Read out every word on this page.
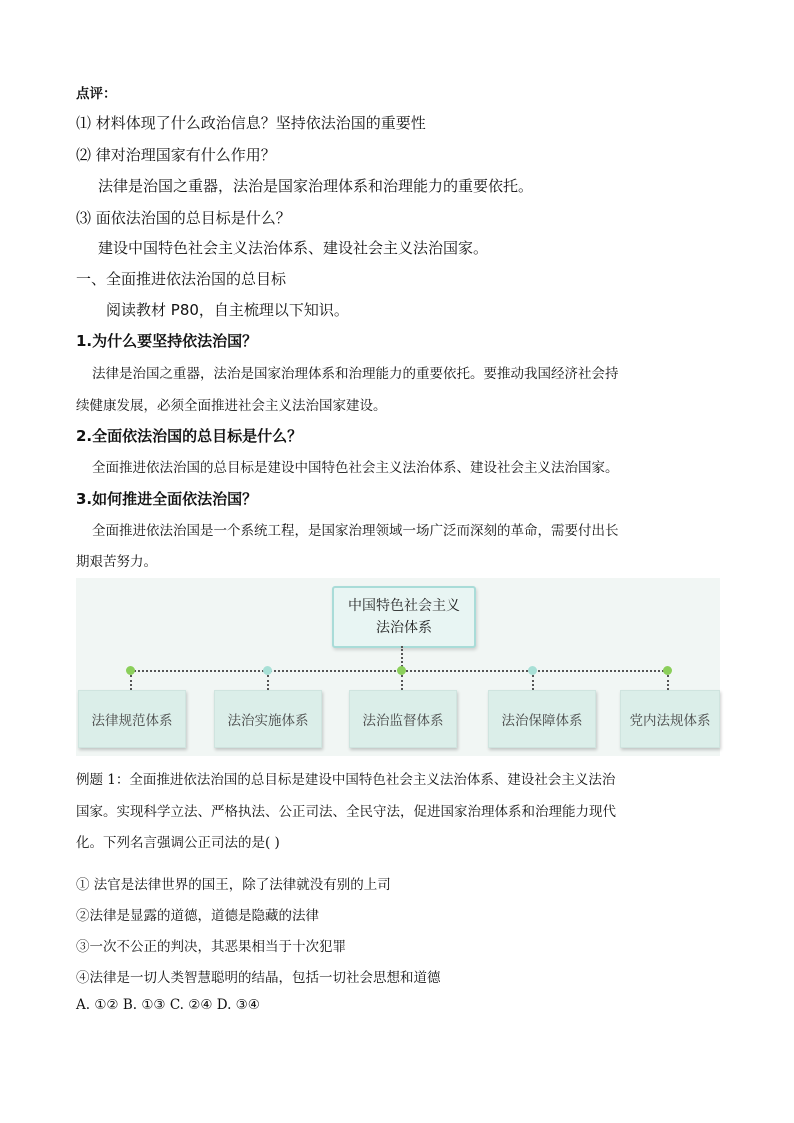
点评：
⑴ 材料体现了什么政治信息？坚持依法治国的重要性
⑵ 律对治理国家有什么作用？
法律是治国之重器，法治是国家治理体系和治理能力的重要依托。
⑶ 面依法治国的总目标是什么？
建设中国特色社会主义法治体系、建设社会主义法治国家。
一、全面推进依法治国的总目标
阅读教材 P80，自主梳理以下知识。
1.为什么要坚持依法治国？
法律是治国之重器，法治是国家治理体系和治理能力的重要依托。要推动我国经济社会持
续健康发展，必须全面推进社会主义法治国家建设。
2.全面依法治国的总目标是什么？
全面推进依法治国的总目标是建设中国特色社会主义法治体系、建设社会主义法治国家。
3.如何推进全面依法治国？
全面推进依法治国是一个系统工程，是国家治理领域一场广泛而深刻的革命，需要付出长
期艰苦努力。
中国特色社会主义
法治体系
法律规范体系	法治实施体系	法治监督体系	法治保障体系	党内法规体系
例题 1：全面推进依法治国的总目标是建设中国特色社会主义法治体系、建设社会主义法治
国家。实现科学立法、严格执法、公正司法、全民守法，促进国家治理体系和治理能力现代
化。下列名言强调公正司法的是( )
① 法官是法律世界的国王，除了法律就没有别的上司
②法律是显露的道德，道德是隐藏的法律
③一次不公正的判决，其恶果相当于十次犯罪
④法律是一切人类智慧聪明的结晶，包括一切社会思想和道德
A. ①② B. ①③ C. ②④ D. ③④
